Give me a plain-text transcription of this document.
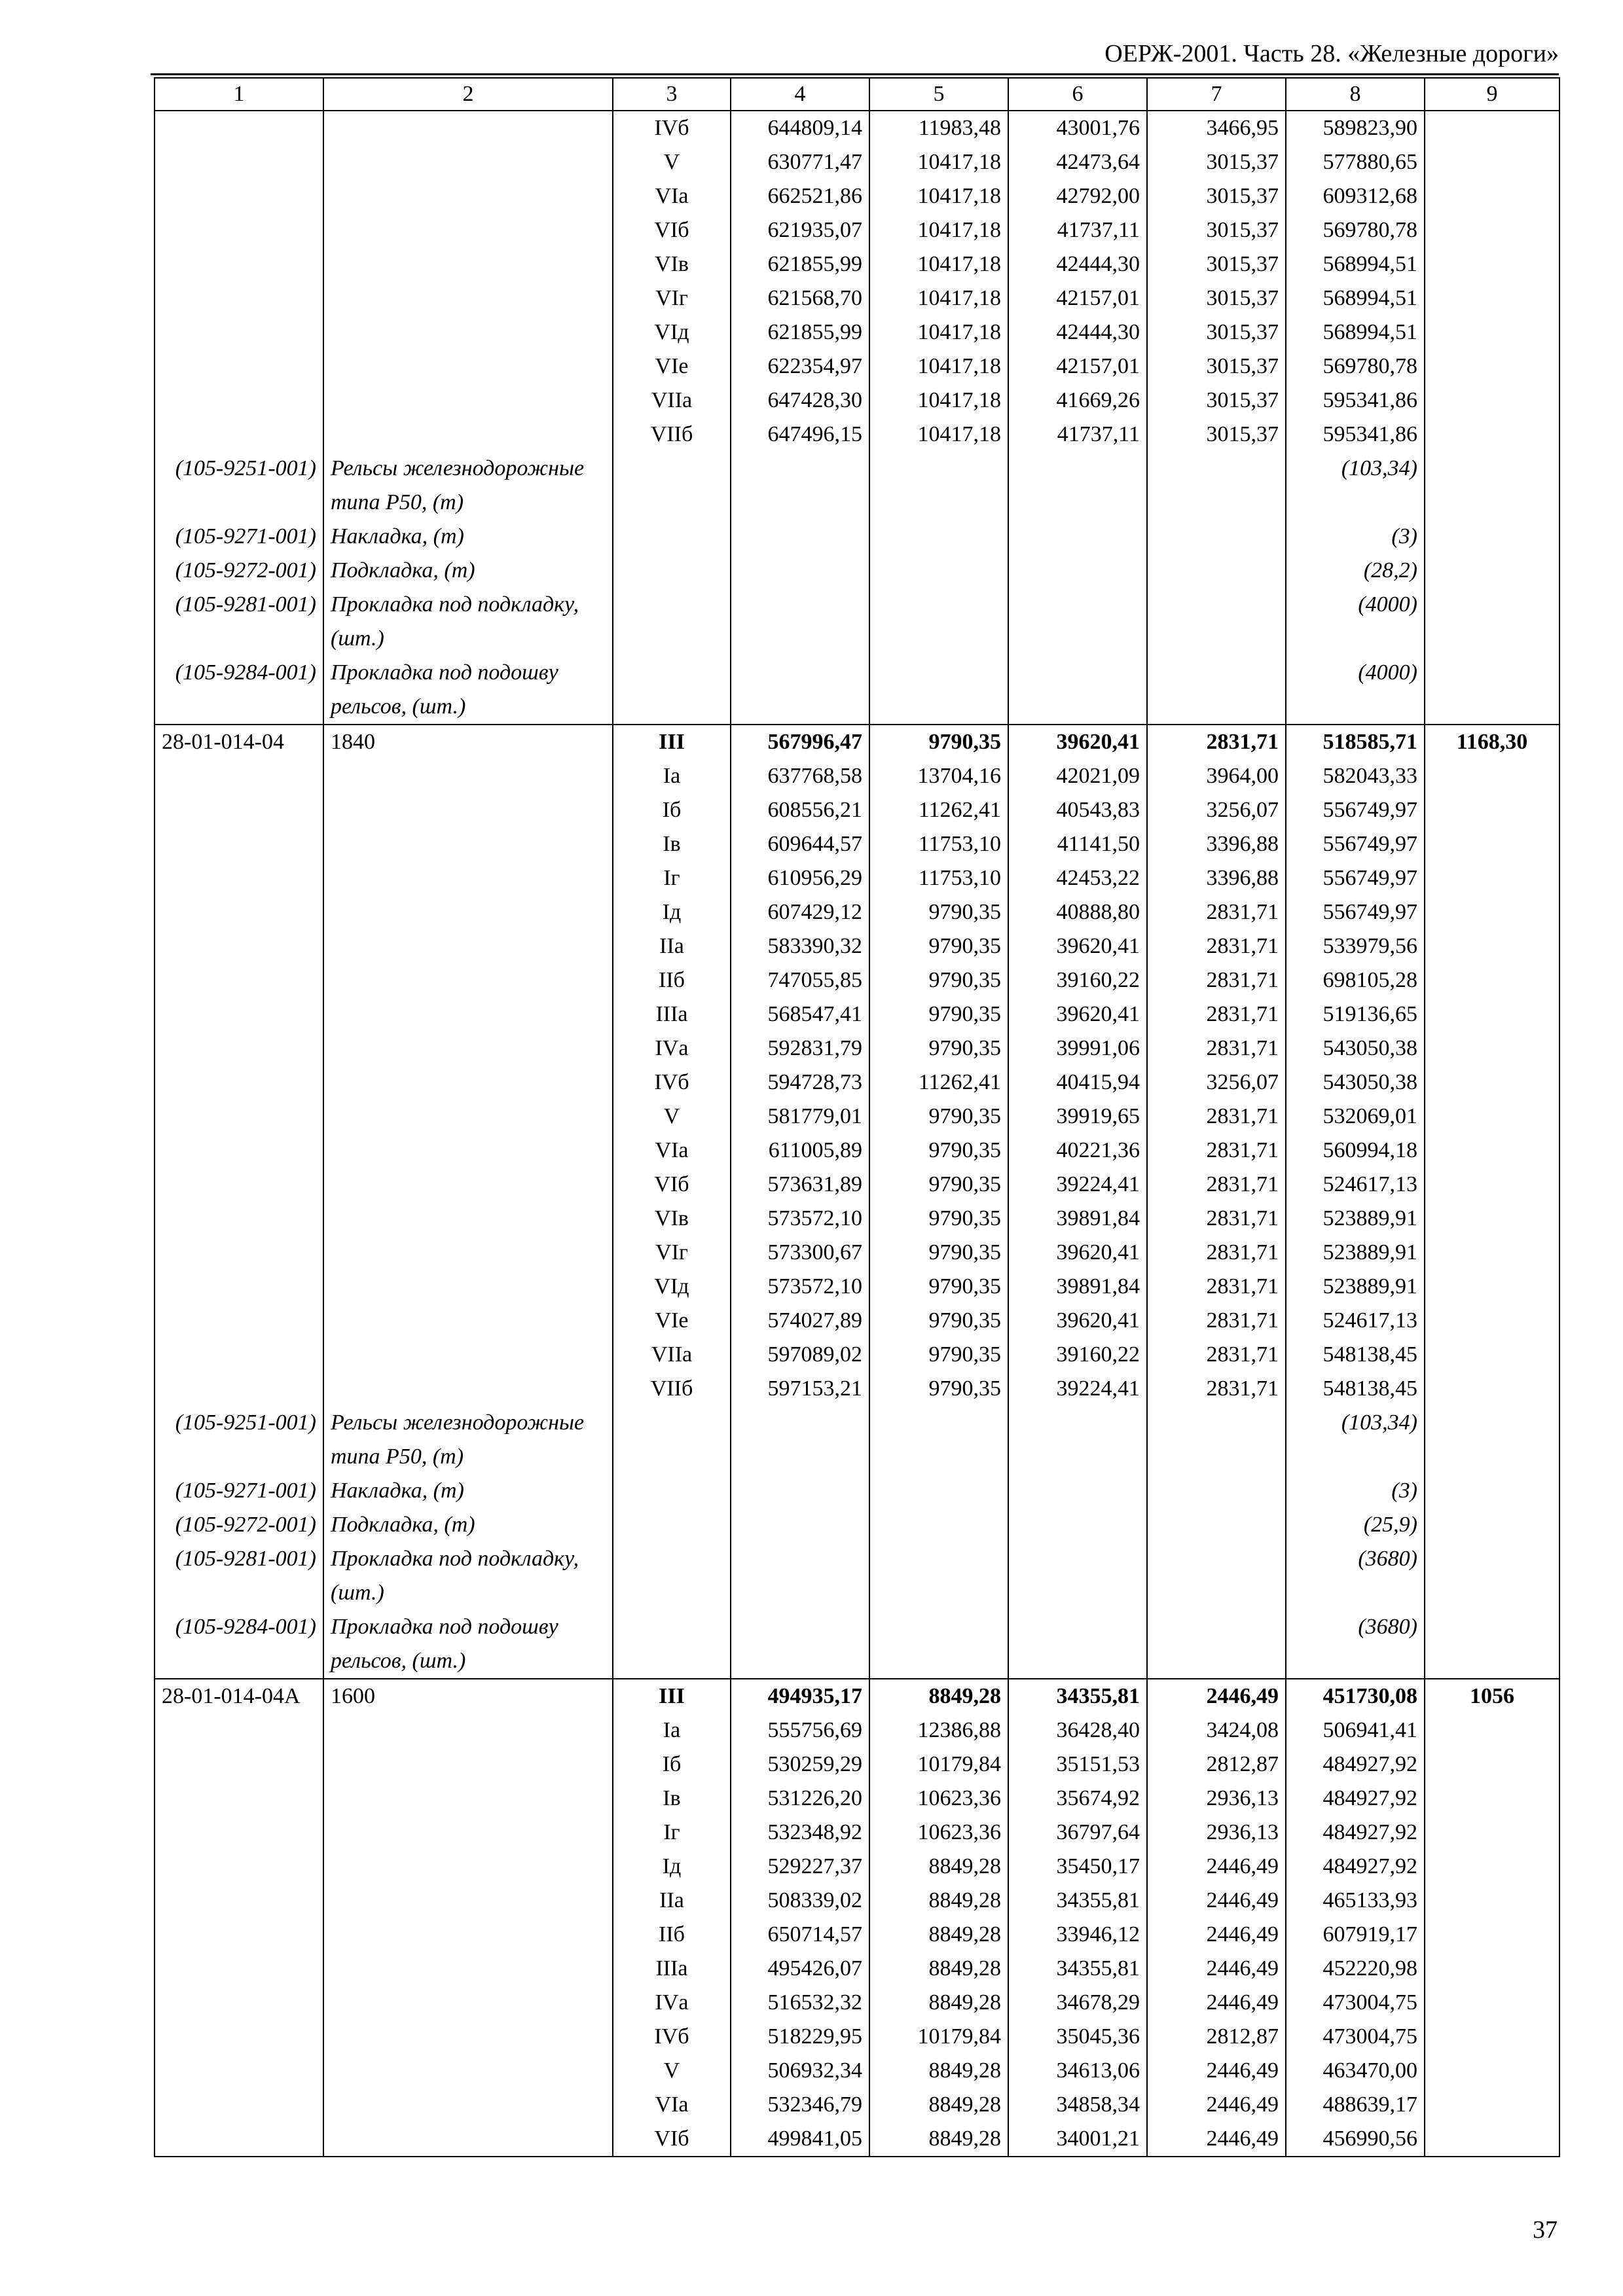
ОЕРЖ-2001. Часть 28. «Железные дороги»
1	2	3	4	5	6	7	8	9
		IVб	644809,14	11983,48	43001,76	3466,95	589823,90	
		V	630771,47	10417,18	42473,64	3015,37	577880,65	
		VIа	662521,86	10417,18	42792,00	3015,37	609312,68	
		VIб	621935,07	10417,18	41737,11	3015,37	569780,78	
		VIв	621855,99	10417,18	42444,30	3015,37	568994,51	
		VIг	621568,70	10417,18	42157,01	3015,37	568994,51	
		VIд	621855,99	10417,18	42444,30	3015,37	568994,51	
		VIе	622354,97	10417,18	42157,01	3015,37	569780,78	
		VIIа	647428,30	10417,18	41669,26	3015,37	595341,86	
		VIIб	647496,15	10417,18	41737,11	3015,37	595341,86	
(105-9251-001)	Рельсы железнодорожные типа Р50, (т)						(103,34)	
(105-9271-001)	Накладка, (т)						(3)	
(105-9272-001)	Подкладка, (т)						(28,2)	
(105-9281-001)	Прокладка под подкладку, (шт.)						(4000)	
(105-9284-001)	Прокладка под подошву рельсов, (шт.)						(4000)	
28-01-014-04	1840	III	567996,47	9790,35	39620,41	2831,71	518585,71	1168,30
		Iа	637768,58	13704,16	42021,09	3964,00	582043,33	
		Iб	608556,21	11262,41	40543,83	3256,07	556749,97	
		Iв	609644,57	11753,10	41141,50	3396,88	556749,97	
		Iг	610956,29	11753,10	42453,22	3396,88	556749,97	
		Iд	607429,12	9790,35	40888,80	2831,71	556749,97	
		IIа	583390,32	9790,35	39620,41	2831,71	533979,56	
		IIб	747055,85	9790,35	39160,22	2831,71	698105,28	
		IIIа	568547,41	9790,35	39620,41	2831,71	519136,65	
		IVа	592831,79	9790,35	39991,06	2831,71	543050,38	
		IVб	594728,73	11262,41	40415,94	3256,07	543050,38	
		V	581779,01	9790,35	39919,65	2831,71	532069,01	
		VIа	611005,89	9790,35	40221,36	2831,71	560994,18	
		VIб	573631,89	9790,35	39224,41	2831,71	524617,13	
		VIв	573572,10	9790,35	39891,84	2831,71	523889,91	
		VIг	573300,67	9790,35	39620,41	2831,71	523889,91	
		VIд	573572,10	9790,35	39891,84	2831,71	523889,91	
		VIе	574027,89	9790,35	39620,41	2831,71	524617,13	
		VIIа	597089,02	9790,35	39160,22	2831,71	548138,45	
		VIIб	597153,21	9790,35	39224,41	2831,71	548138,45	
(105-9251-001)	Рельсы железнодорожные типа Р50, (т)						(103,34)	
(105-9271-001)	Накладка, (т)						(3)	
(105-9272-001)	Подкладка, (т)						(25,9)	
(105-9281-001)	Прокладка под подкладку, (шт.)						(3680)	
(105-9284-001)	Прокладка под подошву рельсов, (шт.)						(3680)	
28-01-014-04А	1600	III	494935,17	8849,28	34355,81	2446,49	451730,08	1056
		Iа	555756,69	12386,88	36428,40	3424,08	506941,41	
		Iб	530259,29	10179,84	35151,53	2812,87	484927,92	
		Iв	531226,20	10623,36	35674,92	2936,13	484927,92	
		Iг	532348,92	10623,36	36797,64	2936,13	484927,92	
		Iд	529227,37	8849,28	35450,17	2446,49	484927,92	
		IIа	508339,02	8849,28	34355,81	2446,49	465133,93	
		IIб	650714,57	8849,28	33946,12	2446,49	607919,17	
		IIIа	495426,07	8849,28	34355,81	2446,49	452220,98	
		IVа	516532,32	8849,28	34678,29	2446,49	473004,75	
		IVб	518229,95	10179,84	35045,36	2812,87	473004,75	
		V	506932,34	8849,28	34613,06	2446,49	463470,00	
		VIа	532346,79	8849,28	34858,34	2446,49	488639,17	
		VIб	499841,05	8849,28	34001,21	2446,49	456990,56	
37
